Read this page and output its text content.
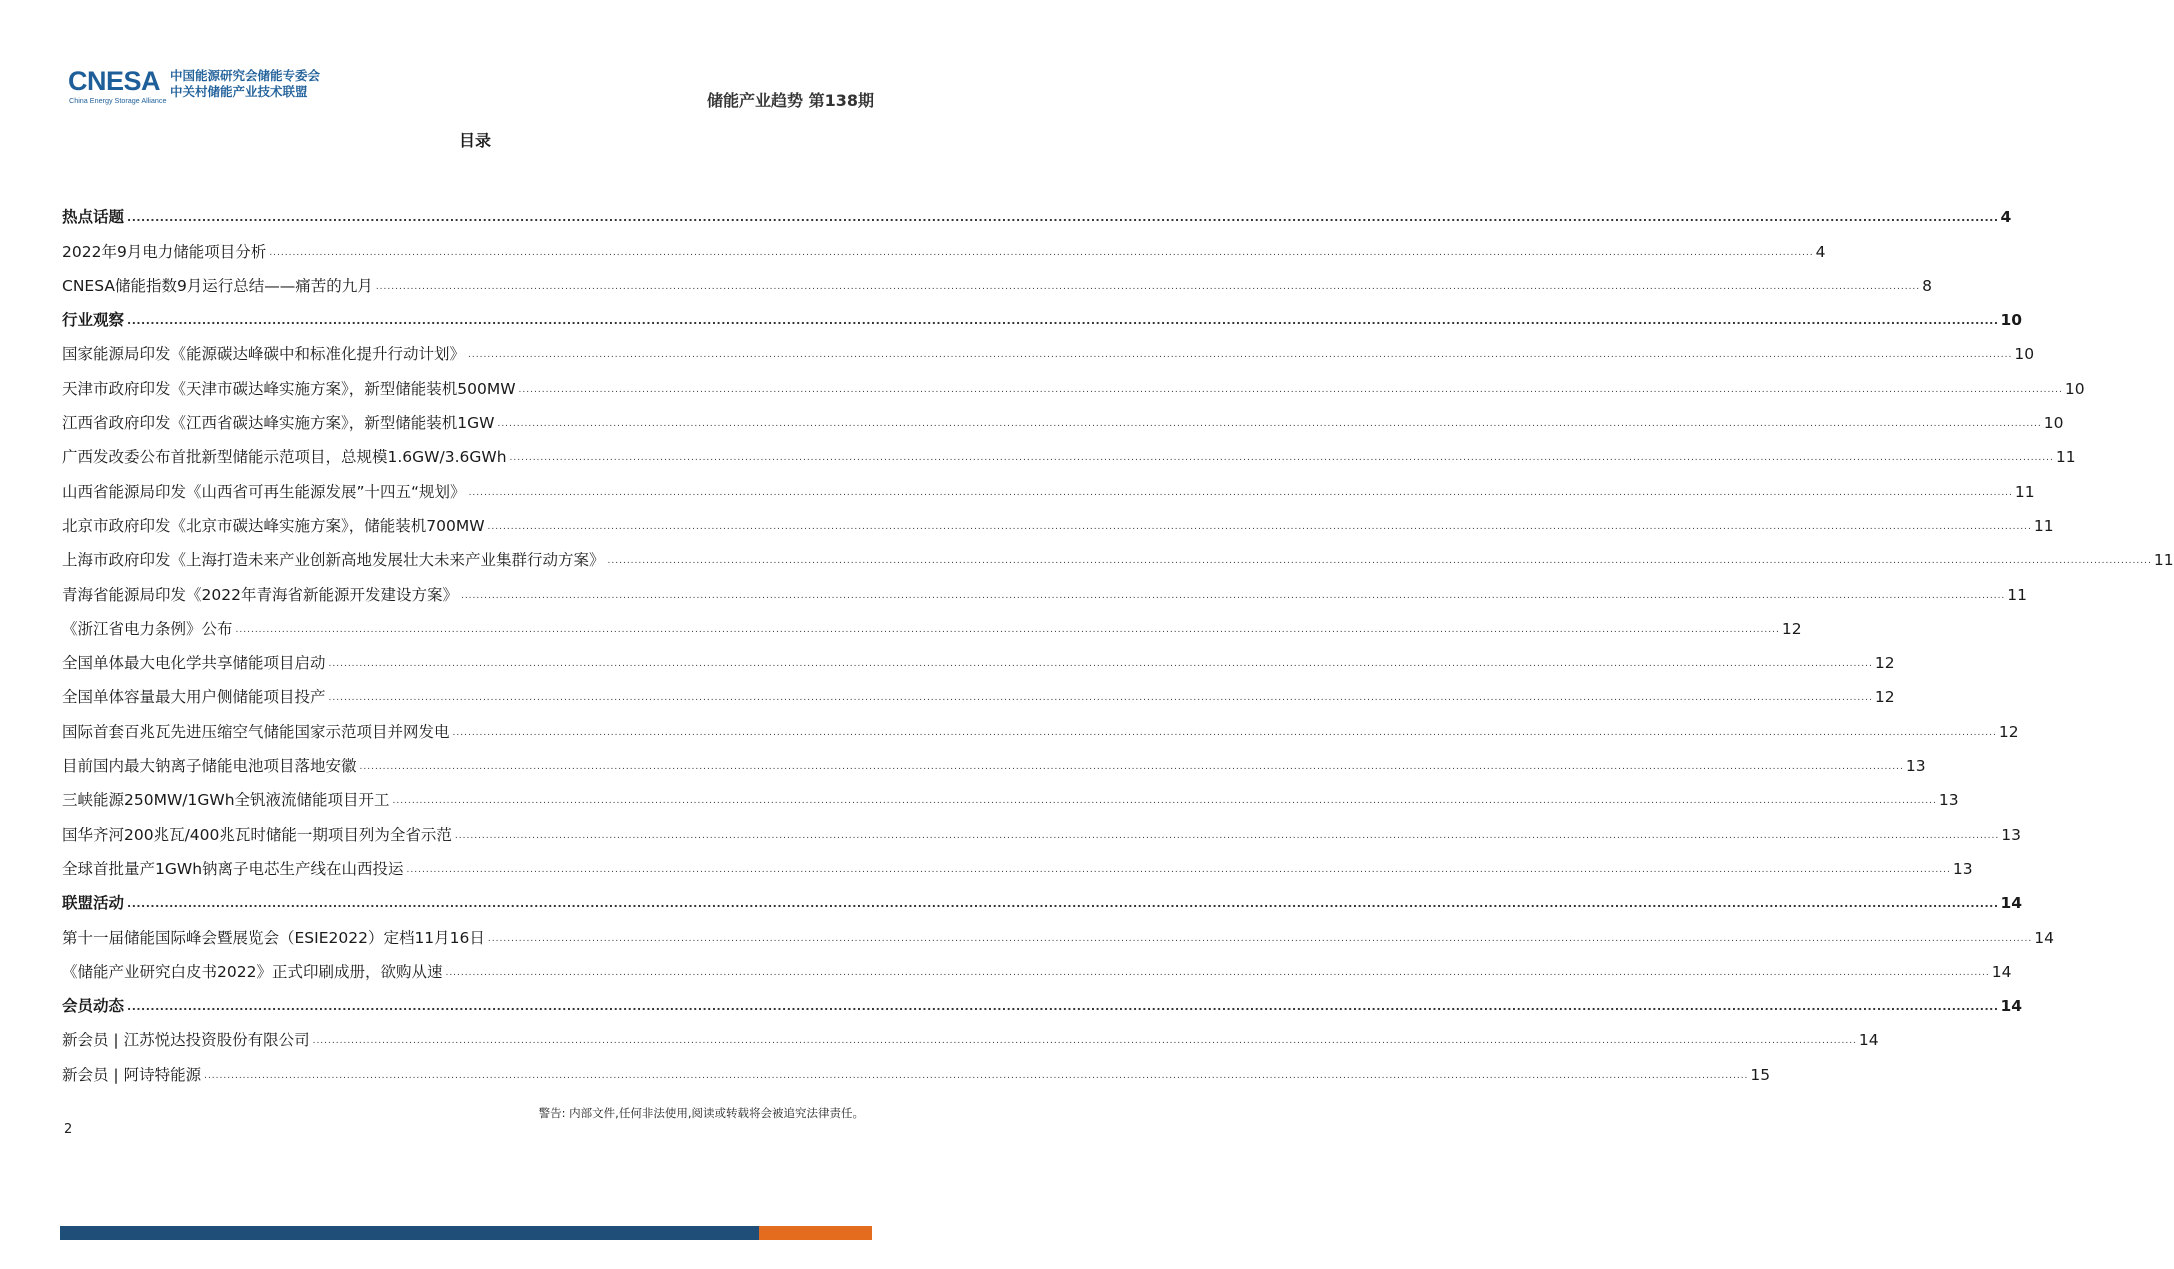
CNESA
China Energy Storage Alliance
中国能源研究会储能专委会
中关村储能产业技术联盟	储能产业趋势 第138期
目录
热点话题 ................................................................................................................................................................................................................................................................................................................................................................................................................ 4
2022年9月电力储能项目分析 ................................................................................................................................................................................................................................................................................................................................................................................................................ 4
CNESA储能指数9月运行总结——痛苦的九月 ................................................................................................................................................................................................................................................................................................................................................................................................................ 8
行业观察 ................................................................................................................................................................................................................................................................................................................................................................................................................ 10
国家能源局印发《能源碳达峰碳中和标准化提升行动计划》 ................................................................................................................................................................................................................................................................................................................................................................................................................ 10
天津市政府印发《天津市碳达峰实施方案》，新型储能装机500MW ................................................................................................................................................................................................................................................................................................................................................................................................................ 10
江西省政府印发《江西省碳达峰实施方案》，新型储能装机1GW ................................................................................................................................................................................................................................................................................................................................................................................................................ 10
广西发改委公布首批新型储能示范项目，总规模1.6GW/3.6GWh ................................................................................................................................................................................................................................................................................................................................................................................................................ 11
山西省能源局印发《山西省可再生能源发展”十四五“规划》 ................................................................................................................................................................................................................................................................................................................................................................................................................ 11
北京市政府印发《北京市碳达峰实施方案》，储能装机700MW ................................................................................................................................................................................................................................................................................................................................................................................................................ 11
上海市政府印发《上海打造未来产业创新高地发展壮大未来产业集群行动方案》 ................................................................................................................................................................................................................................................................................................................................................................................................................ 11
青海省能源局印发《2022年青海省新能源开发建设方案》 ................................................................................................................................................................................................................................................................................................................................................................................................................ 11
《浙江省电力条例》公布 ................................................................................................................................................................................................................................................................................................................................................................................................................ 12
全国单体最大电化学共享储能项目启动 ................................................................................................................................................................................................................................................................................................................................................................................................................ 12
全国单体容量最大用户侧储能项目投产 ................................................................................................................................................................................................................................................................................................................................................................................................................ 12
国际首套百兆瓦先进压缩空气储能国家示范项目并网发电 ................................................................................................................................................................................................................................................................................................................................................................................................................ 12
目前国内最大钠离子储能电池项目落地安徽 ................................................................................................................................................................................................................................................................................................................................................................................................................ 13
三峡能源250MW/1GWh全钒液流储能项目开工 ................................................................................................................................................................................................................................................................................................................................................................................................................ 13
国华齐河200兆瓦/400兆瓦时储能一期项目列为全省示范 ................................................................................................................................................................................................................................................................................................................................................................................................................ 13
全球首批量产1GWh钠离子电芯生产线在山西投运 ................................................................................................................................................................................................................................................................................................................................................................................................................ 13
联盟活动 ................................................................................................................................................................................................................................................................................................................................................................................................................ 14
第十一届储能国际峰会暨展览会（ESIE2022）定档11月16日 ................................................................................................................................................................................................................................................................................................................................................................................................................ 14
《储能产业研究白皮书2022》正式印刷成册，欲购从速 ................................................................................................................................................................................................................................................................................................................................................................................................................ 14
会员动态 ................................................................................................................................................................................................................................................................................................................................................................................................................ 14
新会员 | 江苏悦达投资股份有限公司 ................................................................................................................................................................................................................................................................................................................................................................................................................ 14
新会员 | 阿诗特能源 ................................................................................................................................................................................................................................................................................................................................................................................................................ 15
警告: 内部文件,任何非法使用,阅读或转载将会被追究法律责任。
2
